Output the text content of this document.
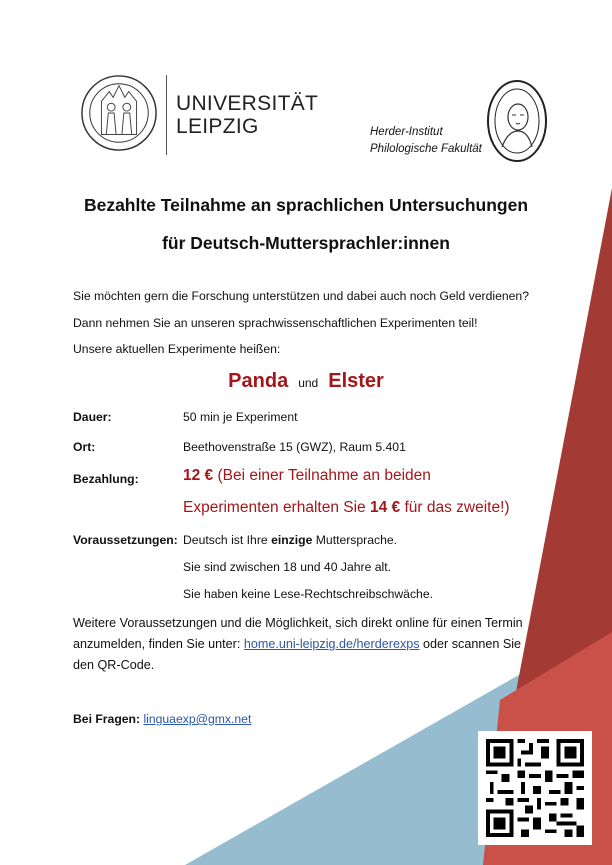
UNIVERSITÄT
LEIPZIG	Herder-Institut
Philologische Fakultät
Bezahlte Teilnahme an sprachlichen Untersuchungen
für Deutsch-Muttersprachler:innen
Sie möchten gern die Forschung unterstützen und dabei auch noch Geld verdienen?
Dann nehmen Sie an unseren sprachwissenschaftlichen Experimenten teil!
Unsere aktuellen Experimente heißen:
Panda und Elster
Dauer:	50 min je Experiment
Ort:	Beethovenstraße 15 (GWZ), Raum 5.401
Bezahlung:	12 € (Bei einer Teilnahme an beiden
Experimenten erhalten Sie 14 € für das zweite!)
Voraussetzungen: Deutsch ist Ihre einzige Muttersprache.
Sie sind zwischen 18 und 40 Jahre alt.
Sie haben keine Lese-Rechtschreibschwäche.
Weitere Voraussetzungen und die Möglichkeit, sich direkt online für einen Termin anzumelden, finden Sie unter: home.uni-leipzig.de/herderexps oder scannen Sie den QR-Code.
Bei Fragen: linguaexp@gmx.net
